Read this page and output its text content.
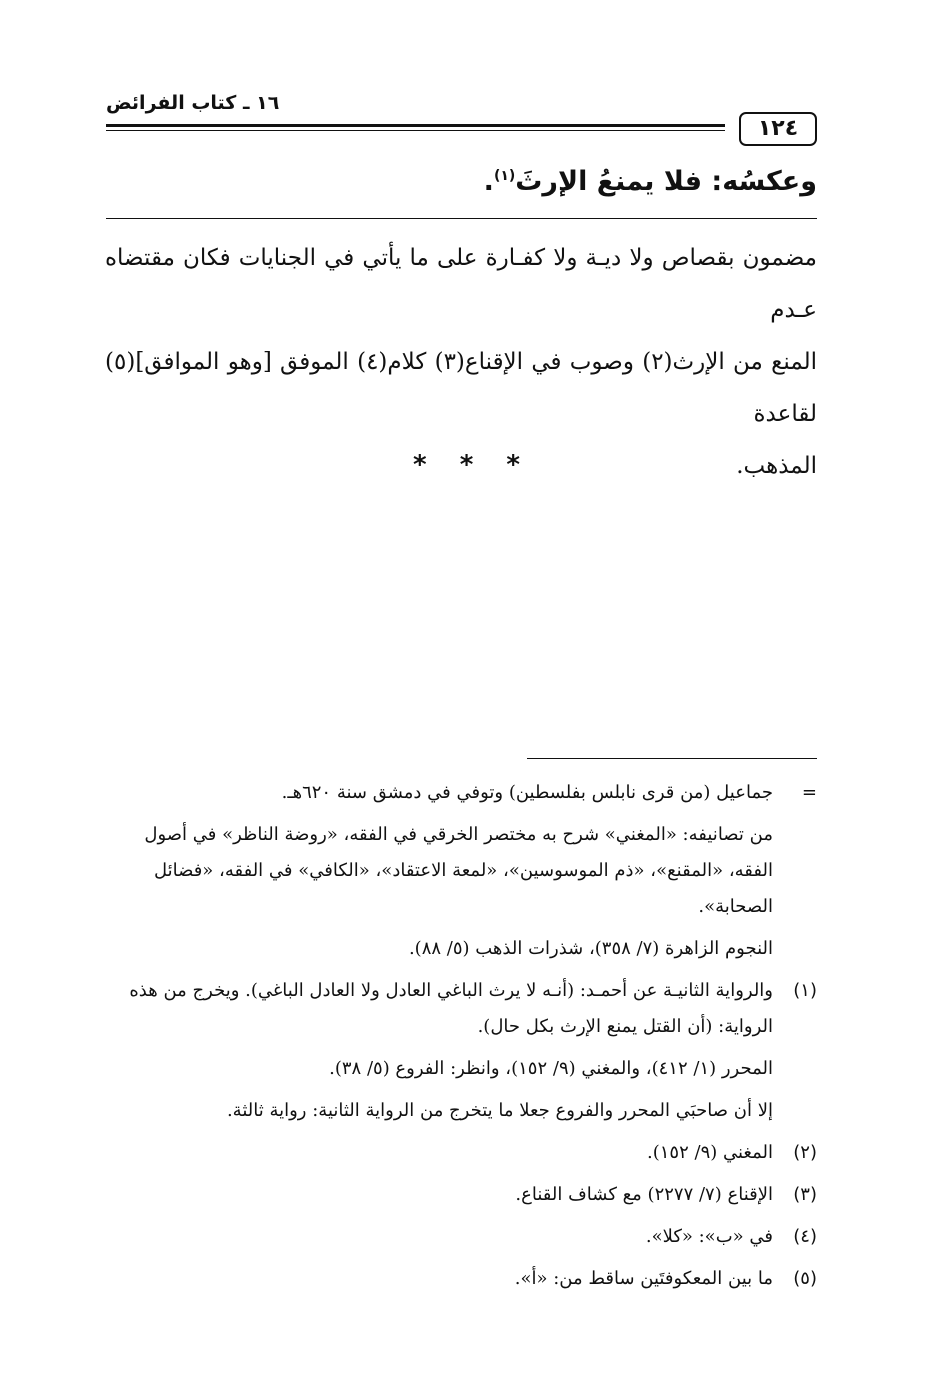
١٢٤
١٦ ـ كتاب الفرائض
وعكسُه: فلا يمنعُ الإرثَ$^{(١)}$.
مضمون بقصاص ولا ديـة ولا كفـارة على ما يأتي في الجنايات فكان مقتضاه عـدم
المنع من الإرث(٢) وصوب في الإقناع(٣) كلام(٤) الموفق [وهو الموافق](٥) لقاعدة
المذهب.
* * *
=

جماعيل (من قرى نابلس بفلسطين) وتوفي في دمشق سنة ٦٢٠هـ.

من تصانيفه: «المغني» شرح به مختصر الخرقي في الفقه، «روضة الناظر» في أصول الفقه، «المقنع»، «ذم الموسوسين»، «لمعة الاعتقاد»، «الكافي» في الفقه، «فضائل الصحابة».

النجوم الزاهرة (٧/ ٣٥٨)، شذرات الذهب (٥/ ٨٨).

(١)

والرواية الثانيـة عن أحمـد: (أنـه لا يرث الباغي العادل ولا العادل الباغي). ويخرج من هذه الرواية: (أن القتل يمنع الإرث بكل حال).

المحرر (١/ ٤١٢)، والمغني (٩/ ١٥٢)، وانظر: الفروع (٥/ ٣٨).

إلا أن صاحبَي المحرر والفروع جعلا ما يتخرج من الرواية الثانية: رواية ثالثة.

(٢)

المغني (٩/ ١٥٢).

(٣)

الإقناع (٧/ ٢٢٧٧) مع كشاف القناع.

(٤)

في «ب»: «كلا».

(٥)

ما بين المعكوفتَين ساقط من: «أ».
